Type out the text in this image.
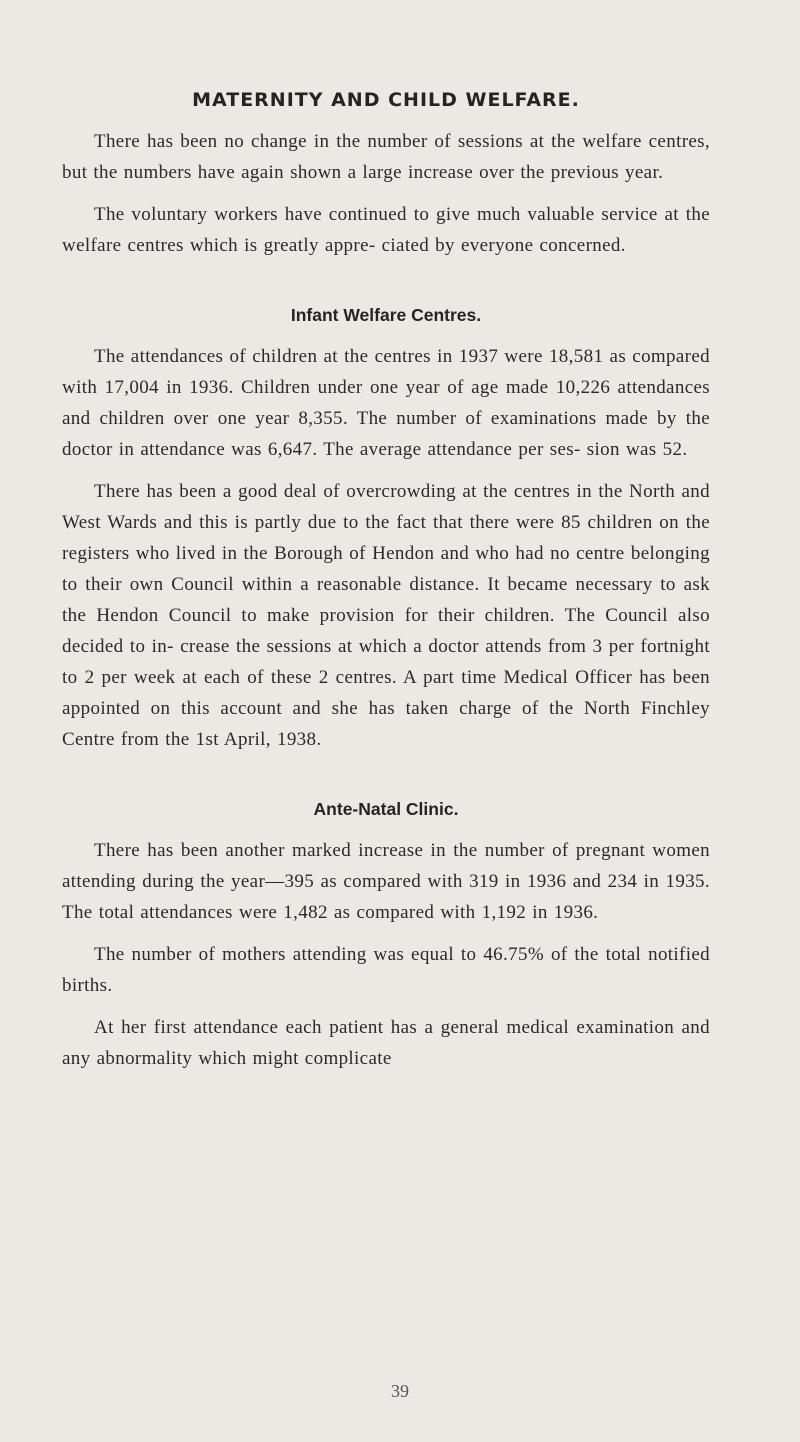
MATERNITY AND CHILD WELFARE.

There has been no change in the number of sessions at the welfare centres, but the numbers have again shown a large increase over the previous year.

The voluntary workers have continued to give much valuable service at the welfare centres which is greatly appre- ciated by everyone concerned.

Infant Welfare Centres.

The attendances of children at the centres in 1937 were 18,581 as compared with 17,004 in 1936. Children under one year of age made 10,226 attendances and children over one year 8,355. The number of examinations made by the doctor in attendance was 6,647. The average attendance per ses- sion was 52.

There has been a good deal of overcrowding at the centres in the North and West Wards and this is partly due to the fact that there were 85 children on the registers who lived in the Borough of Hendon and who had no centre belonging to their own Council within a reasonable distance. It became necessary to ask the Hendon Council to make provision for their children. The Council also decided to in- crease the sessions at which a doctor attends from 3 per fortnight to 2 per week at each of these 2 centres. A part time Medical Officer has been appointed on this account and she has taken charge of the North Finchley Centre from the 1st April, 1938.

Ante-Natal Clinic.

There has been another marked increase in the number of pregnant women attending during the year—395 as compared with 319 in 1936 and 234 in 1935. The total attendances were 1,482 as compared with 1,192 in 1936.

The number of mothers attending was equal to 46.75% of the total notified births.

At her first attendance each patient has a general medical examination and any abnormality which might complicate

39
